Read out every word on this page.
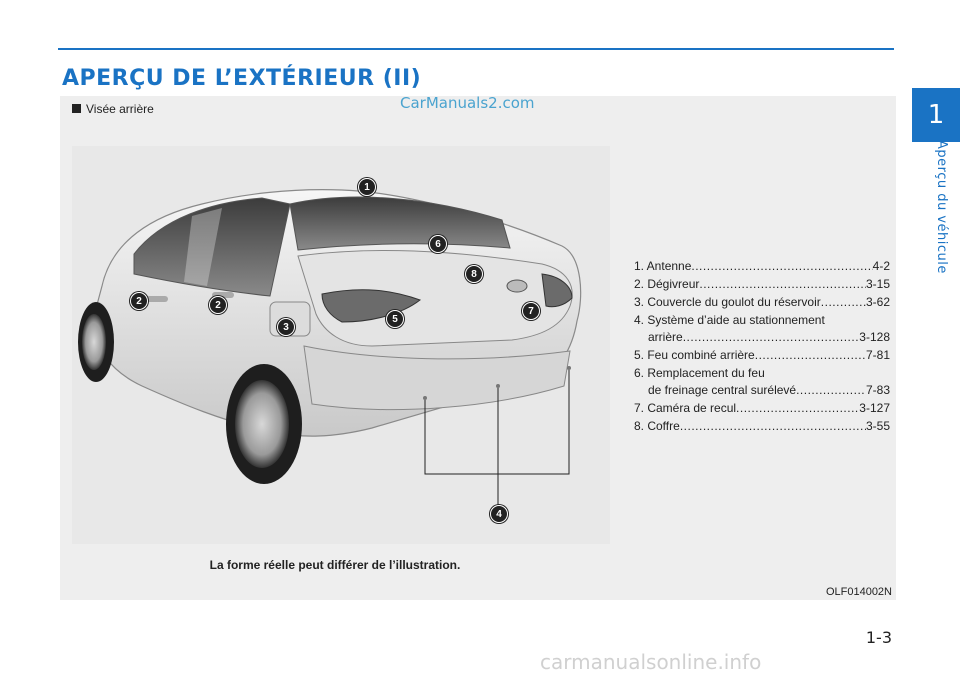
APERÇU DE L’EXTÉRIEUR (II)
1
Aperçu du véhicule
Visée arrière	CarManuals2.com
1
2	2
3
4
5
6
7
8
1. Antenne .....	4-2
2. Dégivreur .....	3-15
3. Couvercle du goulot du réservoir .....	3-62
4. Système d’aide au stationnement
arrière .....	3-128
5. Feu combiné arrière .....	7-81
6. Remplacement du feu
de freinage central surélevé .....	7-83
7. Caméra de recul .....	3-127
8. Coffre .....	3-55
La forme réelle peut différer de l’illustration.
OLF014002N
1-3
carmanualsonline.info
